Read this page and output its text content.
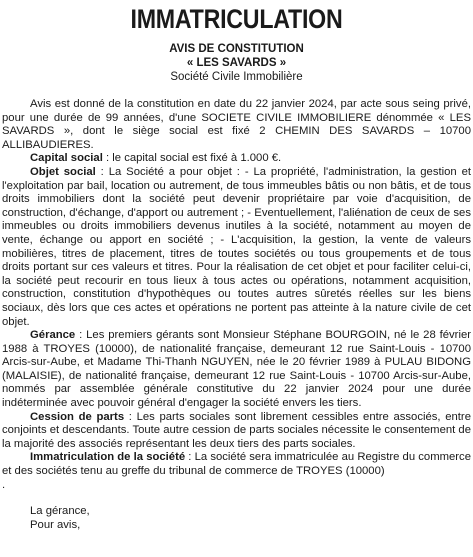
IMMATRICULATION
AVIS DE CONSTITUTION
« LES SAVARDS »
Société Civile Immobilière

Avis est donné de la constitution en date du 22 janvier 2024, par acte sous seing privé, pour une durée de 99 années, d'une SOCIETE CIVILE IMMOBILIERE dénommée « LES SAVARDS », dont le siège social est fixé 2 CHEMIN DES SAVARDS – 10700 ALLIBAUDIERES.

Capital social : le capital social est fixé à 1.000 €.

Objet social : La Société a pour objet : - La propriété, l'administration, la gestion et l'exploitation par bail, location ou autrement, de tous immeubles bâtis ou non bâtis, et de tous droits immobiliers dont la société peut devenir propriétaire par voie d'acquisition, de construction, d'échange, d'apport ou autrement ; - Eventuellement, l'aliénation de ceux de ses immeubles ou droits immobiliers devenus inutiles à la société, notamment au moyen de vente, échange ou apport en société ; - L'acquisition, la gestion, la vente de valeurs mobilières, titres de placement, titres de toutes sociétés ou tous groupements et de tous droits portant sur ces valeurs et titres. Pour la réalisation de cet objet et pour faciliter celui-ci, la société peut recourir en tous lieux à tous actes ou opérations, notamment acquisition, construction, constitution d'hypothèques ou toutes autres sûretés réelles sur les biens sociaux, dès lors que ces actes et opérations ne portent pas atteinte à la nature civile de cet objet.

Gérance : Les premiers gérants sont Monsieur Stéphane BOURGOIN, né le 28 février 1988 à TROYES (10000), de nationalité française, demeurant 12 rue Saint-Louis - 10700 Arcis-sur-Aube, et Madame Thi-Thanh NGUYEN, née le 20 février 1989 à PULAU BIDONG (MALAISIE), de nationalité française, demeurant 12 rue Saint-Louis - 10700 Arcis-sur-Aube, nommés par assemblée générale constitutive du 22 janvier 2024 pour une durée indéterminée avec pouvoir général d'engager la société envers les tiers.

Cession de parts : Les parts sociales sont librement cessibles entre associés, entre conjoints et descendants. Toute autre cession de parts sociales nécessite le consentement de la majorité des associés représentant les deux tiers des parts sociales.

Immatriculation de la société : La société sera immatriculée au Registre du commerce et des sociétés tenu au greffe du tribunal de commerce de TROYES (10000)

.

La gérance,

Pour avis,
